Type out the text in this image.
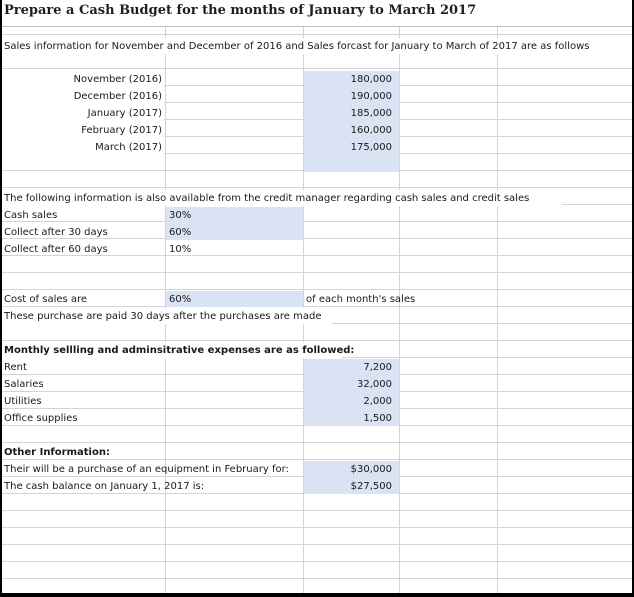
Prepare a Cash Budget for the months of January to March 2017
Sales information for November and December of 2016 and Sales forcast for January to March of 2017 are as follows
November (2016)	180,000
December (2016)	190,000
January (2017)	185,000
February (2017)	160,000
March (2017)	175,000
The following information is also available from the credit manager regarding cash sales and credit sales
Cash sales	30%
Collect after 30 days	60%
Collect after 60 days	10%
Cost of sales are	60%	of each month's sales
These purchase are paid 30 days after the purchases are made
Monthly sellling and adminsitrative expenses are as followed:
Rent	7,200
Salaries	32,000
Utilities	2,000
Office supplies	1,500
Other Information:
Their will be a purchase of an equipment in February for:	$30,000
The cash balance on January 1, 2017 is:	$27,500
